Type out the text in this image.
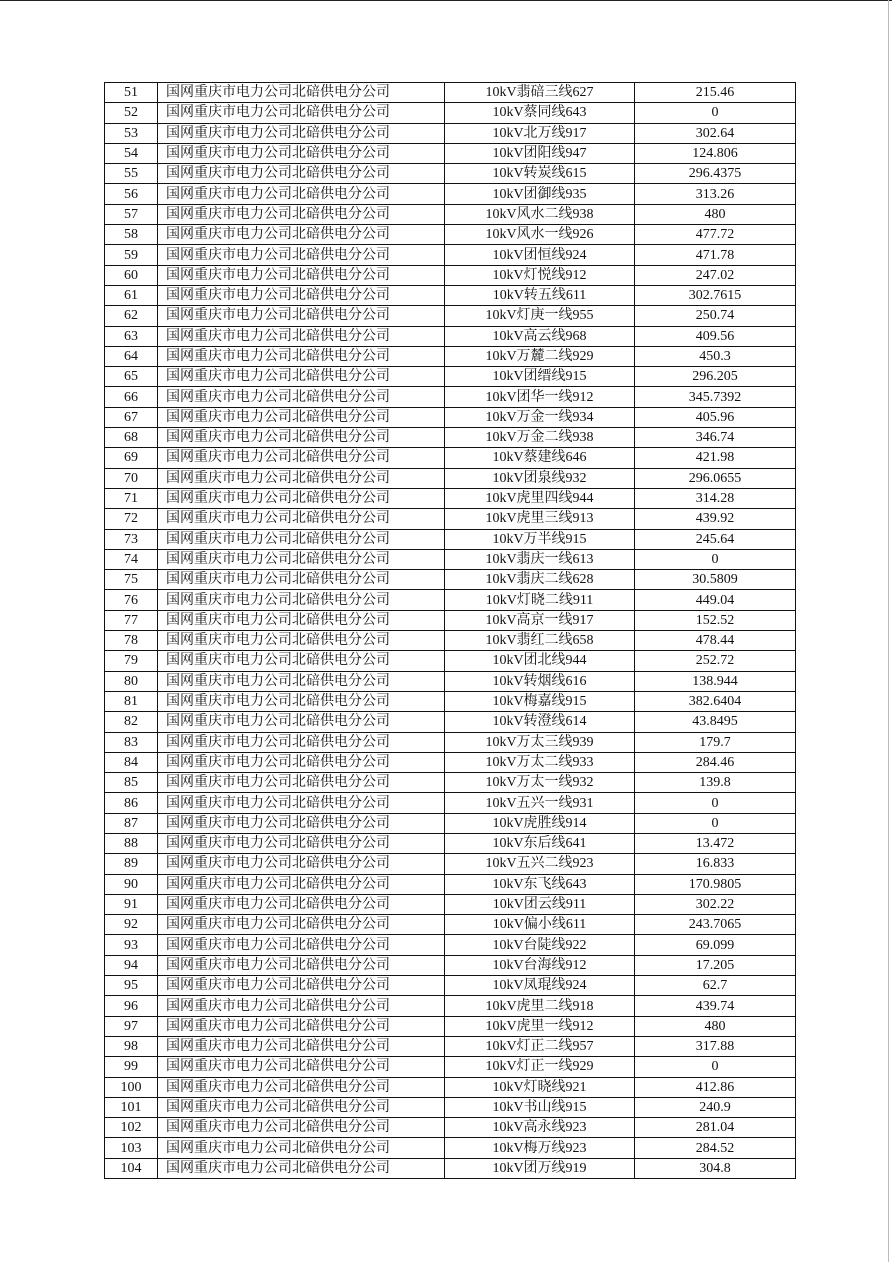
51	国网重庆市电力公司北碚供电分公司	10kV翡碚三线627	215.46
52	国网重庆市电力公司北碚供电分公司	10kV蔡同线643	0
53	国网重庆市电力公司北碚供电分公司	10kV北万线917	302.64
54	国网重庆市电力公司北碚供电分公司	10kV团阳线947	124.806
55	国网重庆市电力公司北碚供电分公司	10kV转炭线615	296.4375
56	国网重庆市电力公司北碚供电分公司	10kV团御线935	313.26
57	国网重庆市电力公司北碚供电分公司	10kV风水二线938	480
58	国网重庆市电力公司北碚供电分公司	10kV风水一线926	477.72
59	国网重庆市电力公司北碚供电分公司	10kV团恒线924	471.78
60	国网重庆市电力公司北碚供电分公司	10kV灯悦线912	247.02
61	国网重庆市电力公司北碚供电分公司	10kV转五线611	302.7615
62	国网重庆市电力公司北碚供电分公司	10kV灯庚一线955	250.74
63	国网重庆市电力公司北碚供电分公司	10kV高云线968	409.56
64	国网重庆市电力公司北碚供电分公司	10kV万麓二线929	450.3
65	国网重庆市电力公司北碚供电分公司	10kV团缙线915	296.205
66	国网重庆市电力公司北碚供电分公司	10kV团华一线912	345.7392
67	国网重庆市电力公司北碚供电分公司	10kV万金一线934	405.96
68	国网重庆市电力公司北碚供电分公司	10kV万金二线938	346.74
69	国网重庆市电力公司北碚供电分公司	10kV蔡建线646	421.98
70	国网重庆市电力公司北碚供电分公司	10kV团泉线932	296.0655
71	国网重庆市电力公司北碚供电分公司	10kV虎里四线944	314.28
72	国网重庆市电力公司北碚供电分公司	10kV虎里三线913	439.92
73	国网重庆市电力公司北碚供电分公司	10kV万半线915	245.64
74	国网重庆市电力公司北碚供电分公司	10kV翡庆一线613	0
75	国网重庆市电力公司北碚供电分公司	10kV翡庆二线628	30.5809
76	国网重庆市电力公司北碚供电分公司	10kV灯晓二线911	449.04
77	国网重庆市电力公司北碚供电分公司	10kV高京一线917	152.52
78	国网重庆市电力公司北碚供电分公司	10kV翡红二线658	478.44
79	国网重庆市电力公司北碚供电分公司	10kV团北线944	252.72
80	国网重庆市电力公司北碚供电分公司	10kV转烟线616	138.944
81	国网重庆市电力公司北碚供电分公司	10kV梅嘉线915	382.6404
82	国网重庆市电力公司北碚供电分公司	10kV转澄线614	43.8495
83	国网重庆市电力公司北碚供电分公司	10kV万太三线939	179.7
84	国网重庆市电力公司北碚供电分公司	10kV万太二线933	284.46
85	国网重庆市电力公司北碚供电分公司	10kV万太一线932	139.8
86	国网重庆市电力公司北碚供电分公司	10kV五兴一线931	0
87	国网重庆市电力公司北碚供电分公司	10kV虎胜线914	0
88	国网重庆市电力公司北碚供电分公司	10kV东后线641	13.472
89	国网重庆市电力公司北碚供电分公司	10kV五兴二线923	16.833
90	国网重庆市电力公司北碚供电分公司	10kV东飞线643	170.9805
91	国网重庆市电力公司北碚供电分公司	10kV团云线911	302.22
92	国网重庆市电力公司北碚供电分公司	10kV偏小线611	243.7065
93	国网重庆市电力公司北碚供电分公司	10kV台陡线922	69.099
94	国网重庆市电力公司北碚供电分公司	10kV台海线912	17.205
95	国网重庆市电力公司北碚供电分公司	10kV凤琨线924	62.7
96	国网重庆市电力公司北碚供电分公司	10kV虎里二线918	439.74
97	国网重庆市电力公司北碚供电分公司	10kV虎里一线912	480
98	国网重庆市电力公司北碚供电分公司	10kV灯正二线957	317.88
99	国网重庆市电力公司北碚供电分公司	10kV灯正一线929	0
100	国网重庆市电力公司北碚供电分公司	10kV灯晓线921	412.86
101	国网重庆市电力公司北碚供电分公司	10kV书山线915	240.9
102	国网重庆市电力公司北碚供电分公司	10kV高永线923	281.04
103	国网重庆市电力公司北碚供电分公司	10kV梅万线923	284.52
104	国网重庆市电力公司北碚供电分公司	10kV团万线919	304.8
